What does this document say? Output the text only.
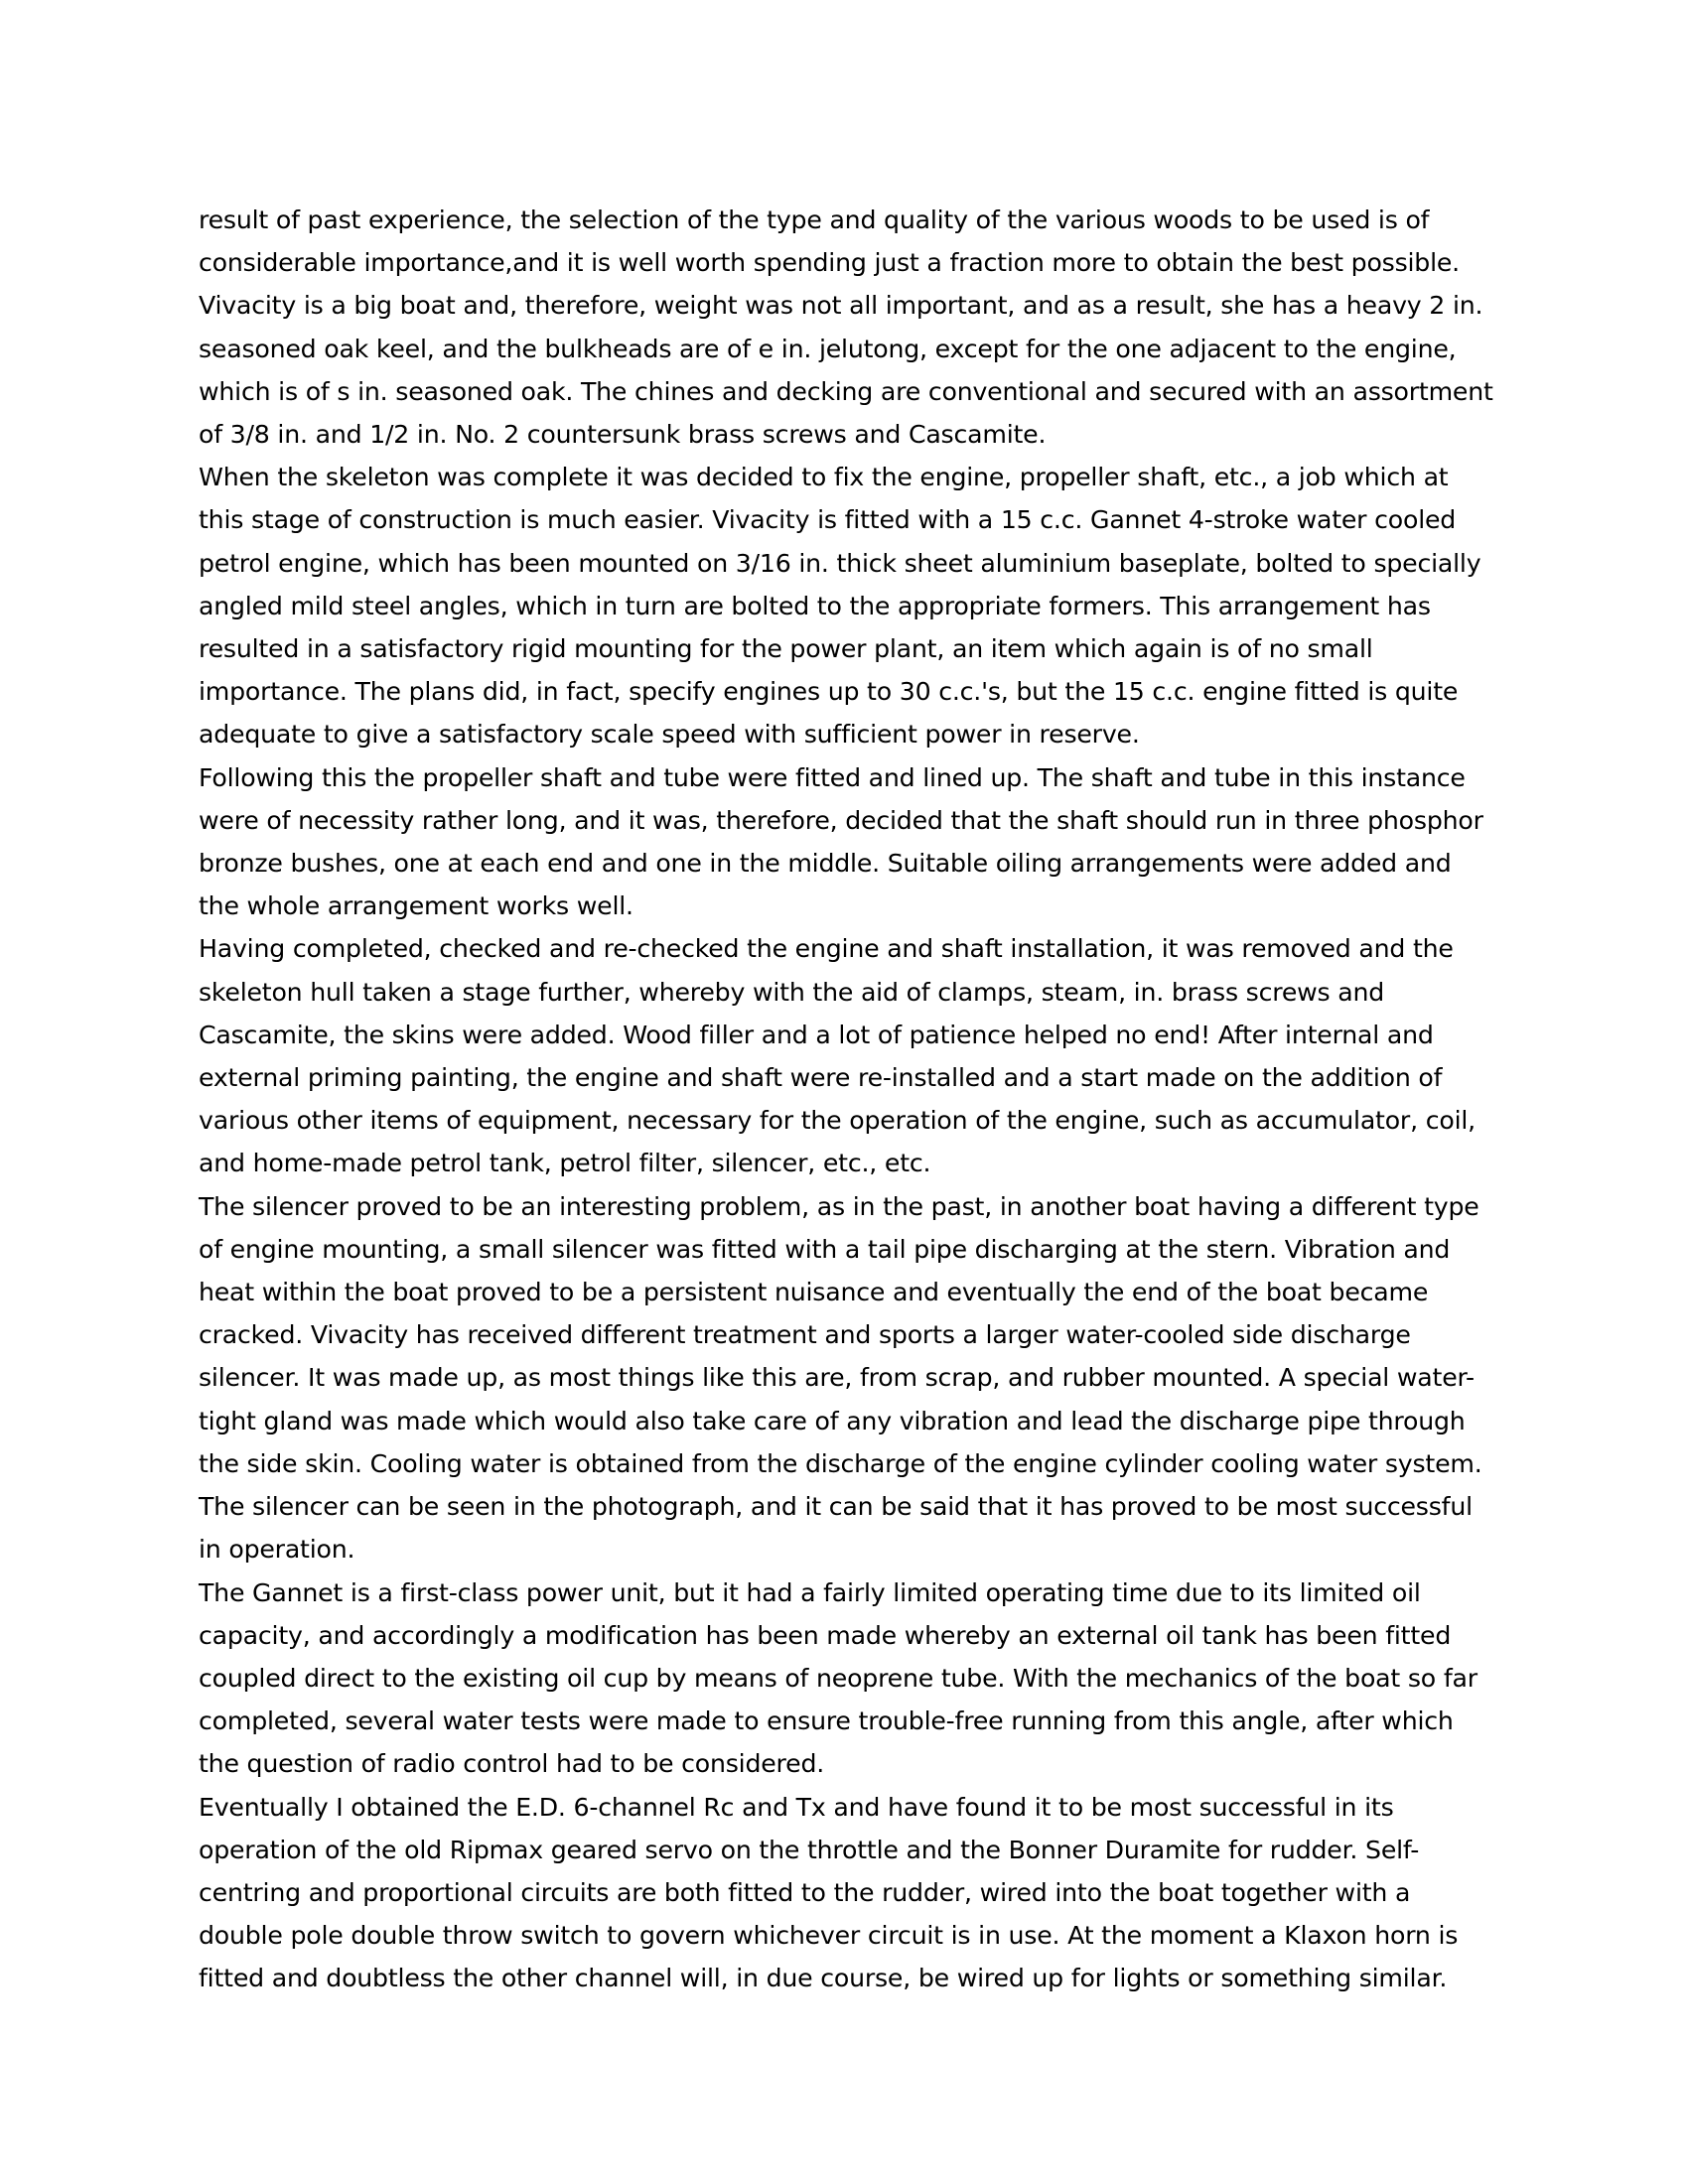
result of past experience, the selection of the type and quality of the various woods to be used is of considerable importance,and it is well worth spending just a fraction more to obtain the best possible. Vivacity is a big boat and, therefore, weight was not all important, and as a result, she has a heavy 2 in. seasoned oak keel, and the bulkheads are of e in. jelutong, except for the one adjacent to the engine, which is of s in. seasoned oak. The chines and decking are conventional and secured with an assortment of 3/8 in. and 1/2 in. No. 2 countersunk brass screws and Cascamite.

When the skeleton was complete it was decided to fix the engine, propeller shaft, etc., a job which at this stage of construction is much easier. Vivacity is fitted with a 15 c.c. Gannet 4-stroke water cooled petrol engine, which has been mounted on 3/16 in. thick sheet aluminium baseplate, bolted to specially angled mild steel angles, which in turn are bolted to the appropriate formers. This arrangement has resulted in a satisfactory rigid mounting for the power plant, an item which again is of no small importance. The plans did, in fact, specify engines up to 30 c.c.'s, but the 15 c.c. engine fitted is quite adequate to give a satisfactory scale speed with sufficient power in reserve.

Following this the propeller shaft and tube were fitted and lined up. The shaft and tube in this instance were of necessity rather long, and it was, therefore, decided that the shaft should run in three phosphor bronze bushes, one at each end and one in the middle. Suitable oiling arrangements were added and the whole arrangement works well.

Having completed, checked and re-checked the engine and shaft installation, it was removed and the skeleton hull taken a stage further, whereby with the aid of clamps, steam, in. brass screws and Cascamite, the skins were added. Wood filler and a lot of patience helped no end! After internal and external priming painting, the engine and shaft were re-installed and a start made on the addition of various other items of equipment, necessary for the operation of the engine, such as accumulator, coil, and home-made petrol tank, petrol filter, silencer, etc., etc.

The silencer proved to be an interesting problem, as in the past, in another boat having a different type of engine mounting, a small silencer was fitted with a tail pipe discharging at the stern. Vibration and heat within the boat proved to be a persistent nuisance and eventually the end of the boat became cracked. Vivacity has received different treatment and sports a larger water-cooled side discharge silencer. It was made up, as most things like this are, from scrap, and rubber mounted. A special water-tight gland was made which would also take care of any vibration and lead the discharge pipe through the side skin. Cooling water is obtained from the discharge of the engine cylinder cooling water system. The silencer can be seen in the photograph, and it can be said that it has proved to be most successful in operation.

The Gannet is a first-class power unit, but it had a fairly limited operating time due to its limited oil capacity, and accordingly a modification has been made whereby an external oil tank has been fitted coupled direct to the existing oil cup by means of neoprene tube. With the mechanics of the boat so far completed, several water tests were made to ensure trouble-free running from this angle, after which the question of radio control had to be considered.

Eventually I obtained the E.D. 6-channel Rc and Tx and have found it to be most successful in its operation of the old Ripmax geared servo on the throttle and the Bonner Duramite for rudder. Self-centring and proportional circuits are both fitted to the rudder, wired into the boat together with a double pole double throw switch to govern whichever circuit is in use. At the moment a Klaxon horn is fitted and doubtless the other channel will, in due course, be wired up for lights or something similar.
